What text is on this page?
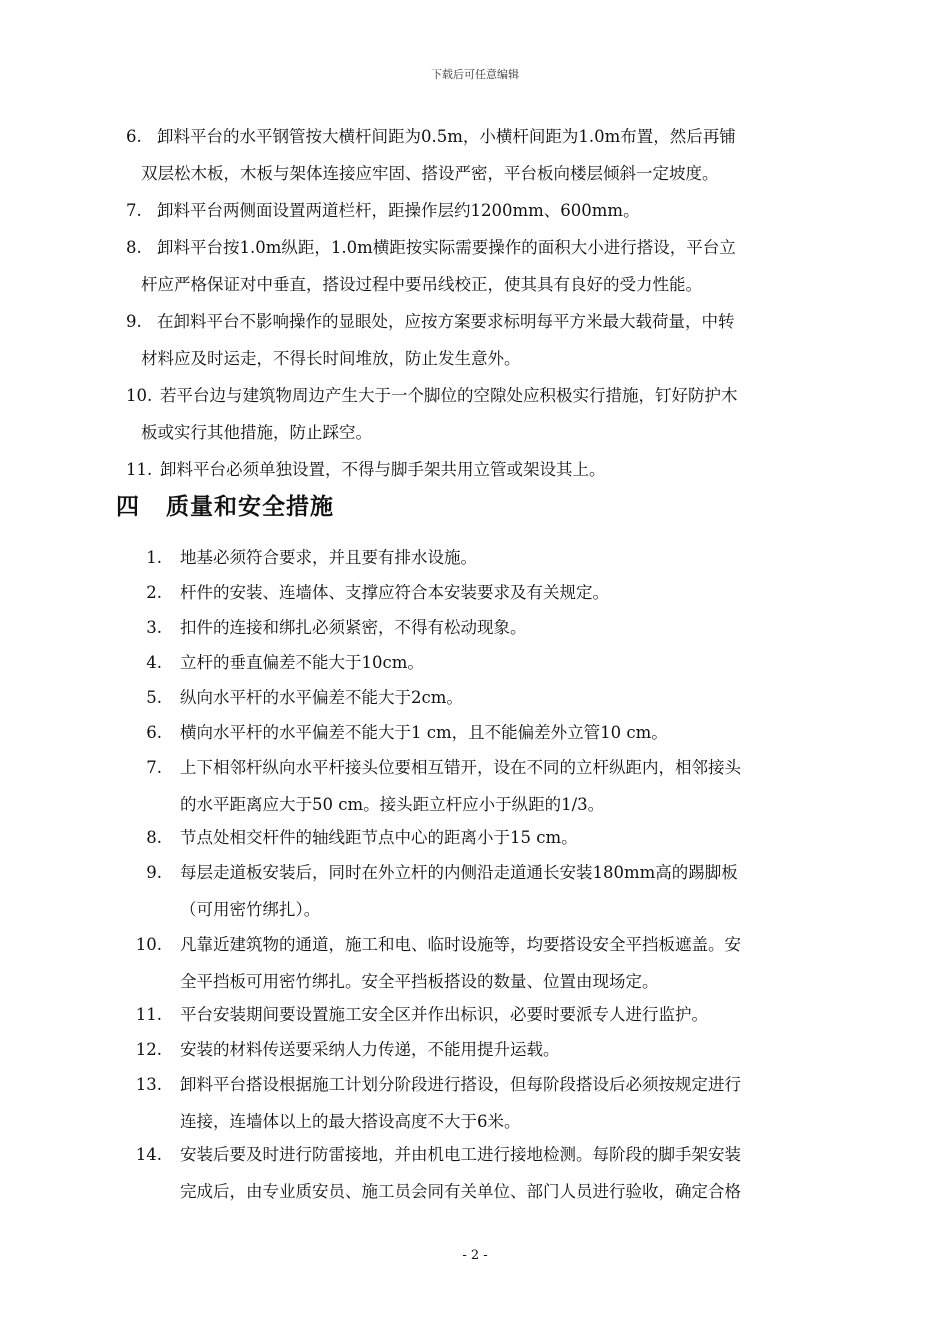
下载后可任意编辑
6. 卸料平台的水平钢管按大横杆间距为0.5m，小横杆间距为1.0m布置，然后再铺
双层松木板，木板与架体连接应牢固、搭设严密，平台板向楼层倾斜一定坡度。
7. 卸料平台两侧面设置两道栏杆，距操作层约1200mm、600mm。
8. 卸料平台按1.0m纵距，1.0m横距按实际需要操作的面积大小进行搭设，平台立
杆应严格保证对中垂直，搭设过程中要吊线校正，使其具有良好的受力性能。
9. 在卸料平台不影响操作的显眼处，应按方案要求标明每平方米最大载荷量，中转
材料应及时运走，不得长时间堆放，防止发生意外。
10. 若平台边与建筑物周边产生大于一个脚位的空隙处应积极实行措施，钉好防护木
板或实行其他措施，防止踩空。
11. 卸料平台必须单独设置，不得与脚手架共用立管或架设其上。
四 质量和安全措施
1. 地基必须符合要求，并且要有排水设施。
2. 杆件的安装、连墙体、支撑应符合本安装要求及有关规定。
3. 扣件的连接和绑扎必须紧密，不得有松动现象。
4. 立杆的垂直偏差不能大于10cm。
5. 纵向水平杆的水平偏差不能大于2cm。
6. 横向水平杆的水平偏差不能大于1 cm，且不能偏差外立管10 cm。
7. 上下相邻杆纵向水平杆接头位要相互错开，设在不同的立杆纵距内，相邻接头
的水平距离应大于50 cm。接头距立杆应小于纵距的1/3。
8. 节点处相交杆件的轴线距节点中心的距离小于15 cm。
9. 每层走道板安装后，同时在外立杆的内侧沿走道通长安装180mm高的踢脚板
（可用密竹绑扎）。
10. 凡靠近建筑物的通道，施工和电、临时设施等，均要搭设安全平挡板遮盖。安
全平挡板可用密竹绑扎。安全平挡板搭设的数量、位置由现场定。
11. 平台安装期间要设置施工安全区并作出标识，必要时要派专人进行监护。
12. 安装的材料传送要采纳人力传递，不能用提升运载。
13. 卸料平台搭设根据施工计划分阶段进行搭设，但每阶段搭设后必须按规定进行
连接，连墙体以上的最大搭设高度不大于6米。
14. 安装后要及时进行防雷接地，并由机电工进行接地检测。每阶段的脚手架安装
完成后，由专业质安员、施工员会同有关单位、部门人员进行验收，确定合格
- 2 -
